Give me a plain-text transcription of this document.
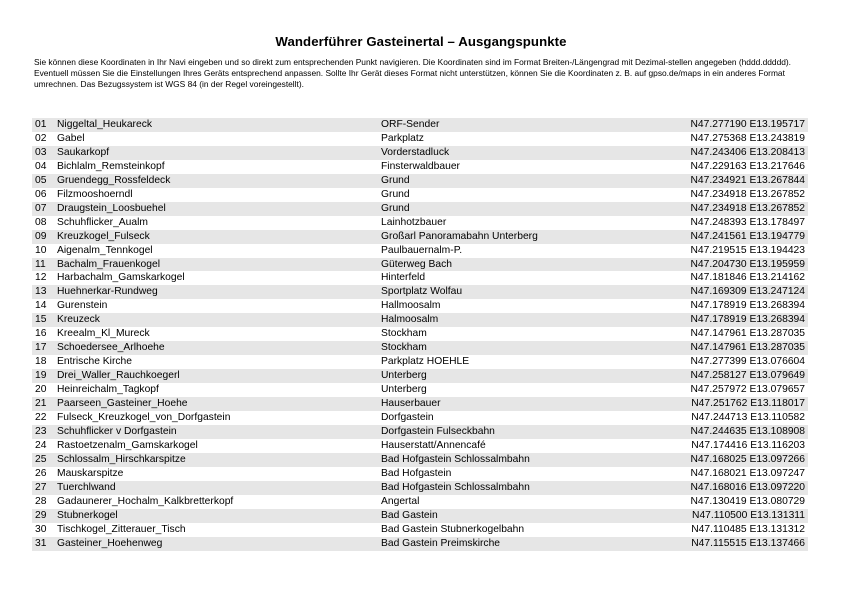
Wanderführer Gasteinertal – Ausgangspunkte

Sie können diese Koordinaten in Ihr Navi eingeben und so direkt zum entsprechenden Punkt navigieren. Die Koordinaten sind im Format Breiten-/Längengrad mit Dezimal-stellen angegeben (hddd.ddddd).

Eventuell müssen Sie die Einstellungen Ihres Geräts entsprechend anpassen. Sollte Ihr Gerät dieses Format nicht unterstützen, können Sie die Koordinaten z. B. auf gpso.de/maps in ein anderes Format umrechnen. Das Bezugssystem ist WGS 84 (in der Regel voreingestellt).

01	Niggeltal_Heukareck	ORF-Sender	N47.277190 E13.195717
02	Gabel	Parkplatz	N47.275368 E13.243819
03	Saukarkopf	Vorderstadluck	N47.243406 E13.208413
04	Bichlalm_Remsteinkopf	Finsterwaldbauer	N47.229163 E13.217646
05	Gruendegg_Rossfeldeck	Grund	N47.234921 E13.267844
06	Filzmooshoerndl	Grund	N47.234918 E13.267852
07	Draugstein_Loosbuehel	Grund	N47.234918 E13.267852
08	Schuhflicker_Aualm	Lainhotzbauer	N47.248393 E13.178497
09	Kreuzkogel_Fulseck	Großarl Panoramabahn Unterberg	N47.241561 E13.194779
10	Aigenalm_Tennkogel	Paulbauernalm-P.	N47.219515 E13.194423
11	Bachalm_Frauenkogel	Güterweg Bach	N47.204730 E13.195959
12	Harbachalm_Gamskarkogel	Hinterfeld	N47.181846 E13.214162
13	Huehnerkar-Rundweg	Sportplatz Wolfau	N47.169309 E13.247124
14	Gurenstein	Hallmoosalm	N47.178919 E13.268394
15	Kreuzeck	Halmoosalm	N47.178919 E13.268394
16	Kreealm_Kl_Mureck	Stockham	N47.147961 E13.287035
17	Schoedersee_Arlhoehe	Stockham	N47.147961 E13.287035
18	Entrische Kirche	Parkplatz HOEHLE	N47.277399 E13.076604
19	Drei_Waller_Rauchkoegerl	Unterberg	N47.258127 E13.079649
20	Heinreichalm_Tagkopf	Unterberg	N47.257972 E13.079657
21	Paarseen_Gasteiner_Hoehe	Hauserbauer	N47.251762 E13.118017
22	Fulseck_Kreuzkogel_von_Dorfgastein	Dorfgastein	N47.244713 E13.110582
23	Schuhflicker v Dorfgastein	Dorfgastein Fulseckbahn	N47.244635 E13.108908
24	Rastoetzenalm_Gamskarkogel	Hauserstatt/Annencafé	N47.174416 E13.116203
25	Schlossalm_Hirschkarspitze	Bad Hofgastein Schlossalmbahn	N47.168025 E13.097266
26	Mauskarspitze	Bad Hofgastein	N47.168021 E13.097247
27	Tuerchlwand	Bad Hofgastein Schlossalmbahn	N47.168016 E13.097220
28	Gadaunerer_Hochalm_Kalkbretterkopf	Angertal	N47.130419 E13.080729
29	Stubnerkogel	Bad Gastein	N47.110500 E13.131311
30	Tischkogel_Zitterauer_Tisch	Bad Gastein Stubnerkogelbahn	N47.110485 E13.131312
31	Gasteiner_Hoehenweg	Bad Gastein Preimskirche	N47.115515 E13.137466
